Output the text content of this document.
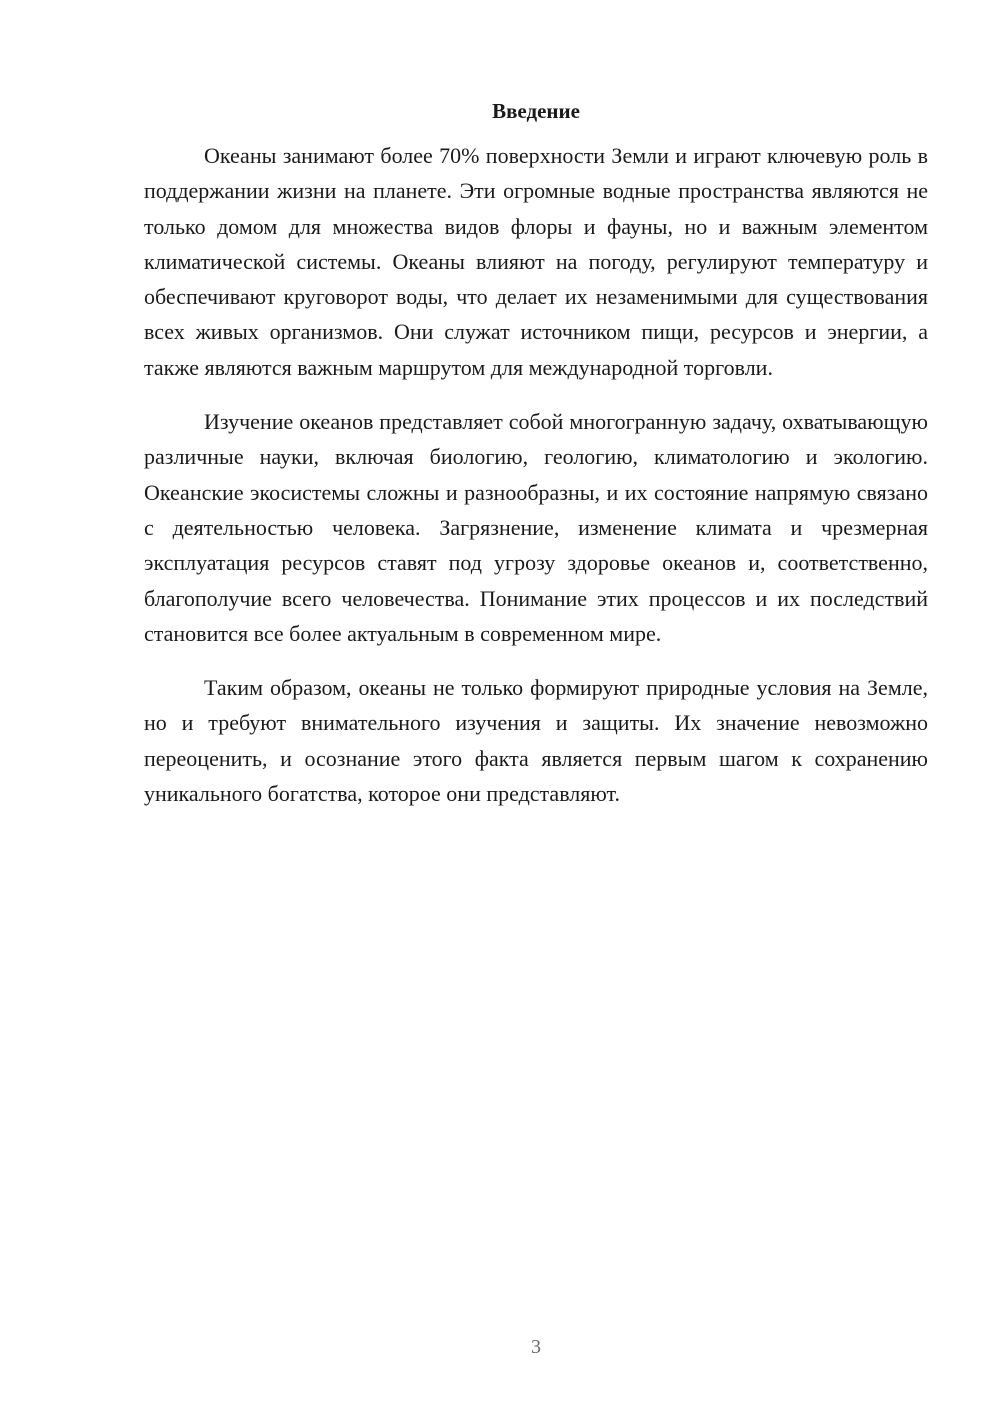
Введение

Океаны занимают более 70% поверхности Земли и играют ключевую роль в поддержании жизни на планете. Эти огромные водные пространства являются не только домом для множества видов флоры и фауны, но и важным элементом климатической системы. Океаны влияют на погоду, регулируют температуру и обеспечивают круговорот воды, что делает их незаменимыми для существования всех живых организмов. Они служат источником пищи, ресурсов и энергии, а также являются важным маршрутом для международной торговли.

Изучение океанов представляет собой многогранную задачу, охватывающую различные науки, включая биологию, геологию, климатологию и экологию. Океанские экосистемы сложны и разнообразны, и их состояние напрямую связано с деятельностью человека. Загрязнение, изменение климата и чрезмерная эксплуатация ресурсов ставят под угрозу здоровье океанов и, соответственно, благополучие всего человечества. Понимание этих процессов и их последствий становится все более актуальным в современном мире.

Таким образом, океаны не только формируют природные условия на Земле, но и требуют внимательного изучения и защиты. Их значение невозможно переоценить, и осознание этого факта является первым шагом к сохранению уникального богатства, которое они представляют.

3
